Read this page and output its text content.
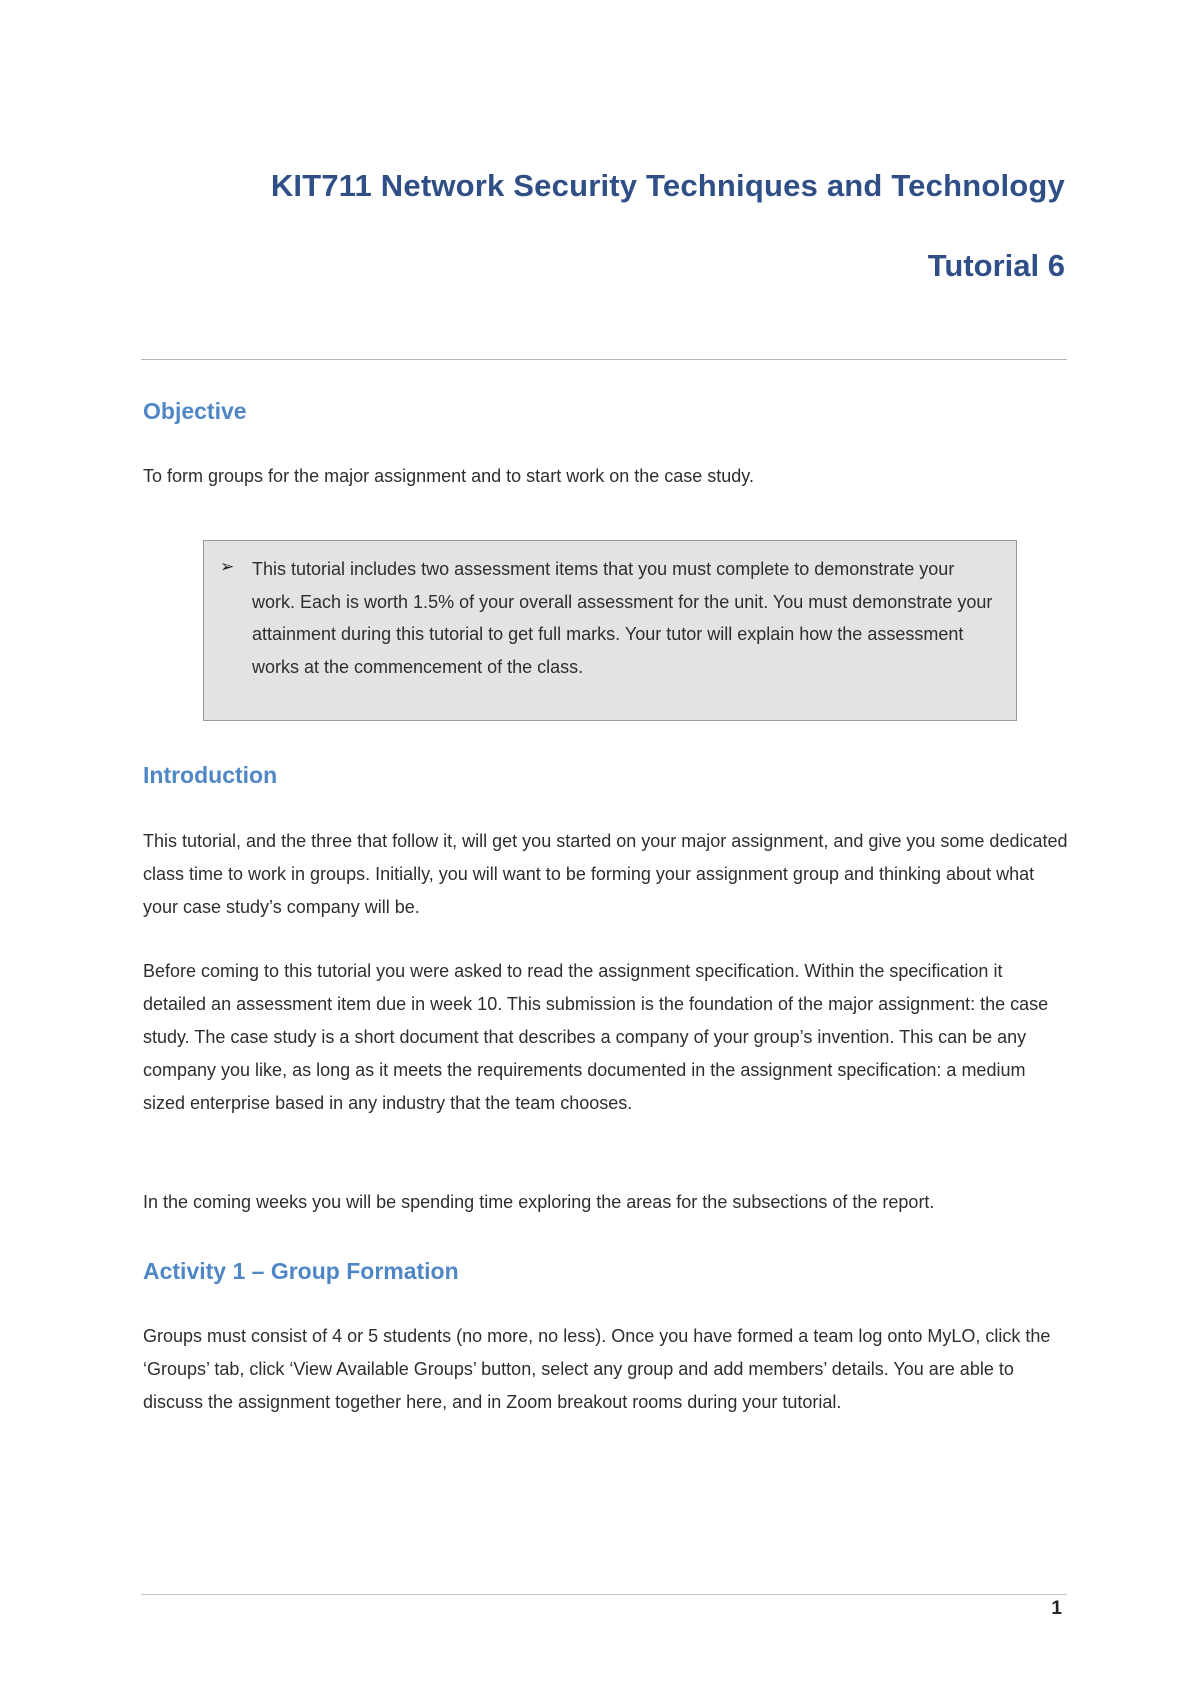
KIT711 Network Security Techniques and Technology
Tutorial 6
Objective

To form groups for the major assignment and to start work on the case study.

➢ This tutorial includes two assessment items that you must complete to demonstrate your work. Each is worth 1.5% of your overall assessment for the unit. You must demonstrate your attainment during this tutorial to get full marks. Your tutor will explain how the assessment works at the commencement of the class.

Introduction

This tutorial, and the three that follow it, will get you started on your major assignment, and give you some dedicated class time to work in groups. Initially, you will want to be forming your assignment group and thinking about what your case study’s company will be.

Before coming to this tutorial you were asked to read the assignment specification. Within the specification it detailed an assessment item due in week 10. This submission is the foundation of the major assignment: the case study. The case study is a short document that describes a company of your group’s invention. This can be any company you like, as long as it meets the requirements documented in the assignment specification: a medium sized enterprise based in any industry that the team chooses.

In the coming weeks you will be spending time exploring the areas for the subsections of the report.

Activity 1 – Group Formation

Groups must consist of 4 or 5 students (no more, no less). Once you have formed a team log onto MyLO, click the ‘Groups’ tab, click ‘View Available Groups’ button, select any group and add members’ details. You are able to discuss the assignment together here, and in Zoom breakout rooms during your tutorial.

1
